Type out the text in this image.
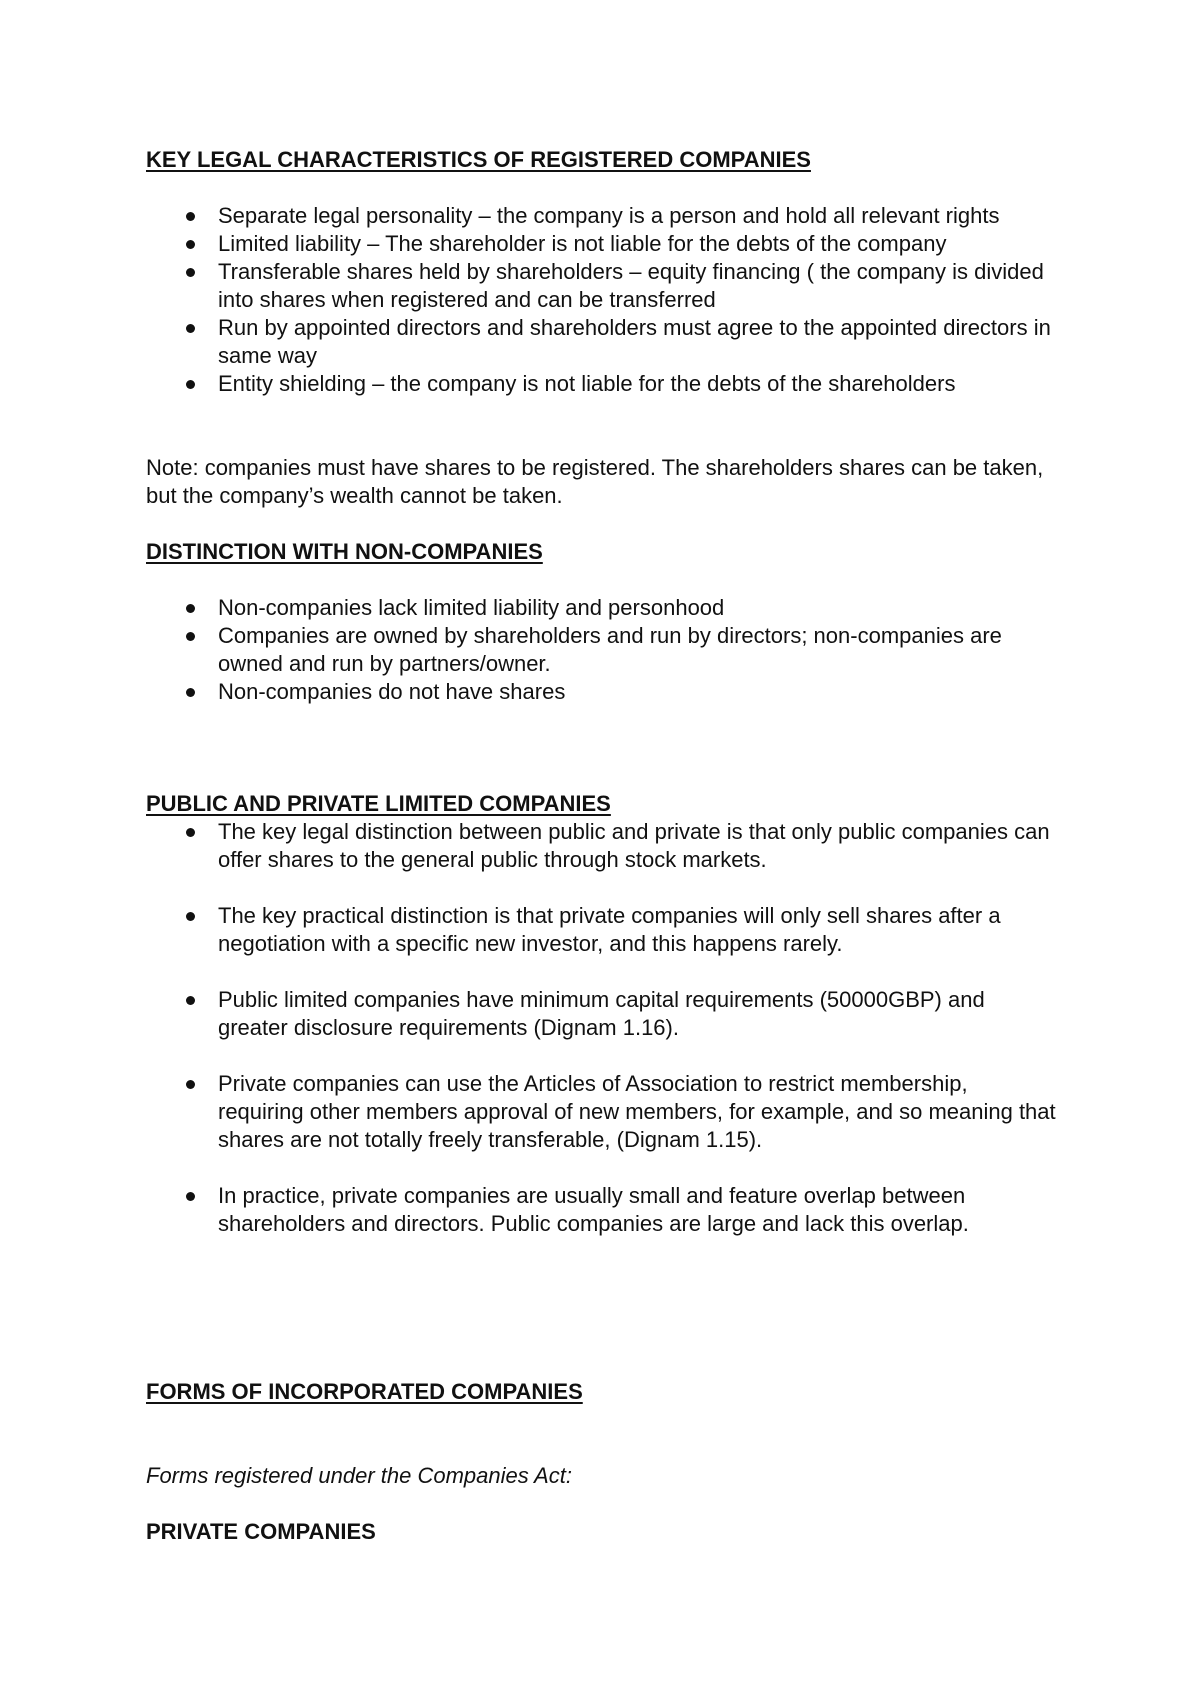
KEY LEGAL CHARACTERISTICS OF REGISTERED COMPANIES
Separate legal personality – the company is a person and hold all relevant rights
Limited liability – The shareholder is not liable for the debts of the company
Transferable shares held by shareholders – equity financing ( the company is divided into shares when registered and can be transferred
Run by appointed directors and shareholders must agree to the appointed directors in same way
Entity shielding – the company is not liable for the debts of the shareholders
Note: companies must have shares to be registered. The shareholders shares can be taken, but the company’s wealth cannot be taken.
DISTINCTION WITH NON-COMPANIES
Non-companies lack limited liability and personhood
Companies are owned by shareholders and run by directors; non-companies are owned and run by partners/owner.
Non-companies do not have shares
PUBLIC AND PRIVATE LIMITED COMPANIES
The key legal distinction between public and private is that only public companies can offer shares to the general public through stock markets.
The key practical distinction is that private companies will only sell shares after a negotiation with a specific new investor, and this happens rarely.
Public limited companies have minimum capital requirements (50000GBP) and greater disclosure requirements (Dignam 1.16).
Private companies can use the Articles of Association to restrict membership, requiring other members approval of new members, for example, and so meaning that shares are not totally freely transferable, (Dignam 1.15).
In practice, private companies are usually small and feature overlap between shareholders and directors. Public companies are large and lack this overlap.
FORMS OF INCORPORATED COMPANIES
Forms registered under the Companies Act:
PRIVATE COMPANIES
